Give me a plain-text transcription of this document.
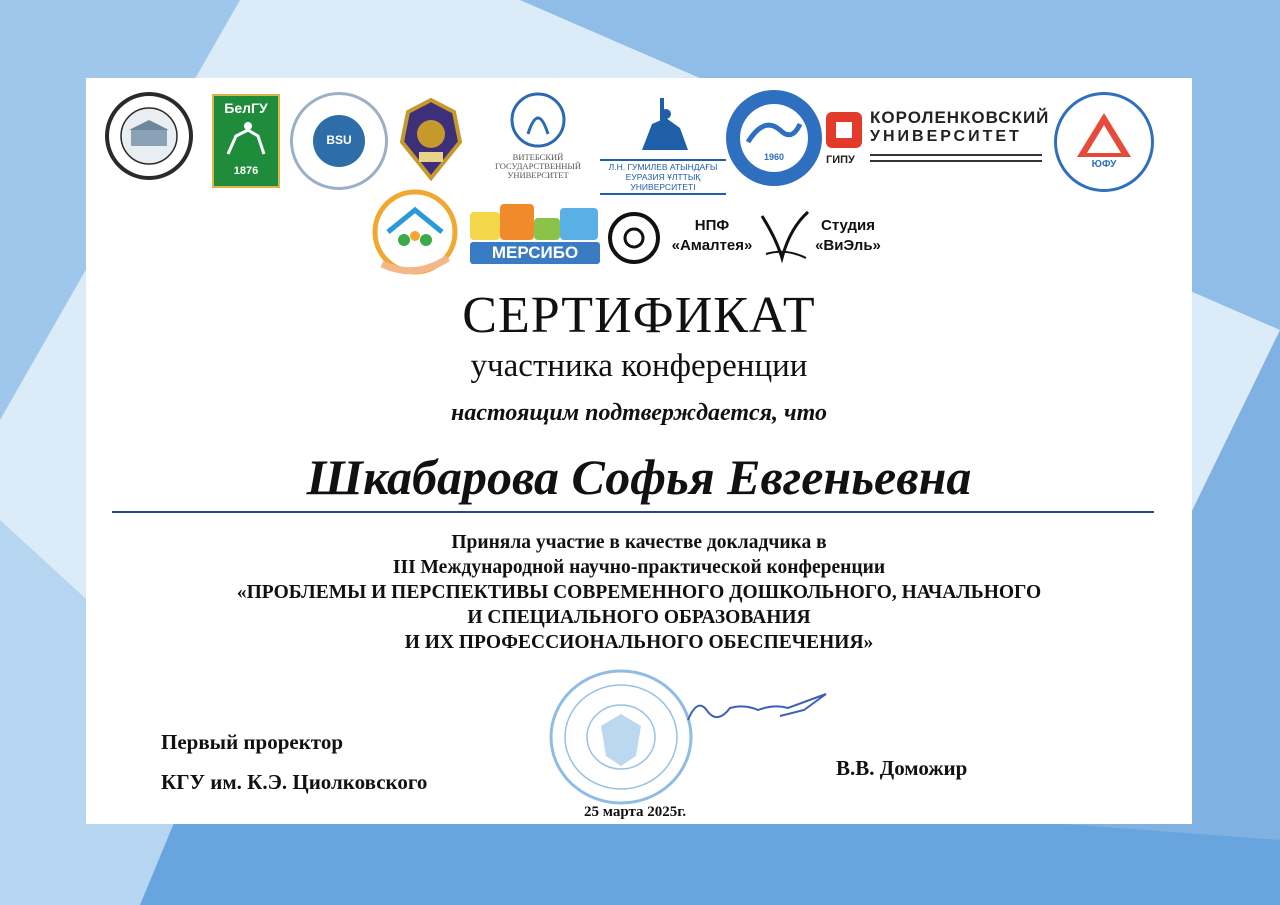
БелГУ
1876
BSU
ВИТЕБСКИЙ ГОСУДАРСТВЕННЫЙ УНИВЕРСИТЕТ
Л.Н. ГУМИЛЕВ АТЫНДАҒЫ ЕУРАЗИЯ ҰЛТТЫҚ УНИВЕРСИТЕТІ
1960
КОРОЛЕНКОВСКИЙ
УНИВЕРСИТЕТ
ГИПУ	ЮФУ
МЕРСИБО
НПФ
«Амалтея»
Студия
«ВиЭль»
СЕРТИФИКАТ
участника конференции
настоящим подтверждается, что
Шкабарова Софья Евгеньевна
Приняла участие в качестве докладчика в
III Международной научно-практической конференции
«ПРОБЛЕМЫ И ПЕРСПЕКТИВЫ СОВРЕМЕННОГО ДОШКОЛЬНОГО, НАЧАЛЬНОГО
И СПЕЦИАЛЬНОГО ОБРАЗОВАНИЯ
И ИХ ПРОФЕССИОНАЛЬНОГО ОБЕСПЕЧЕНИЯ»
Первый проректор
КГУ им. К.Э. Циолковского
В.В. Доможир
25 марта 2025г.
